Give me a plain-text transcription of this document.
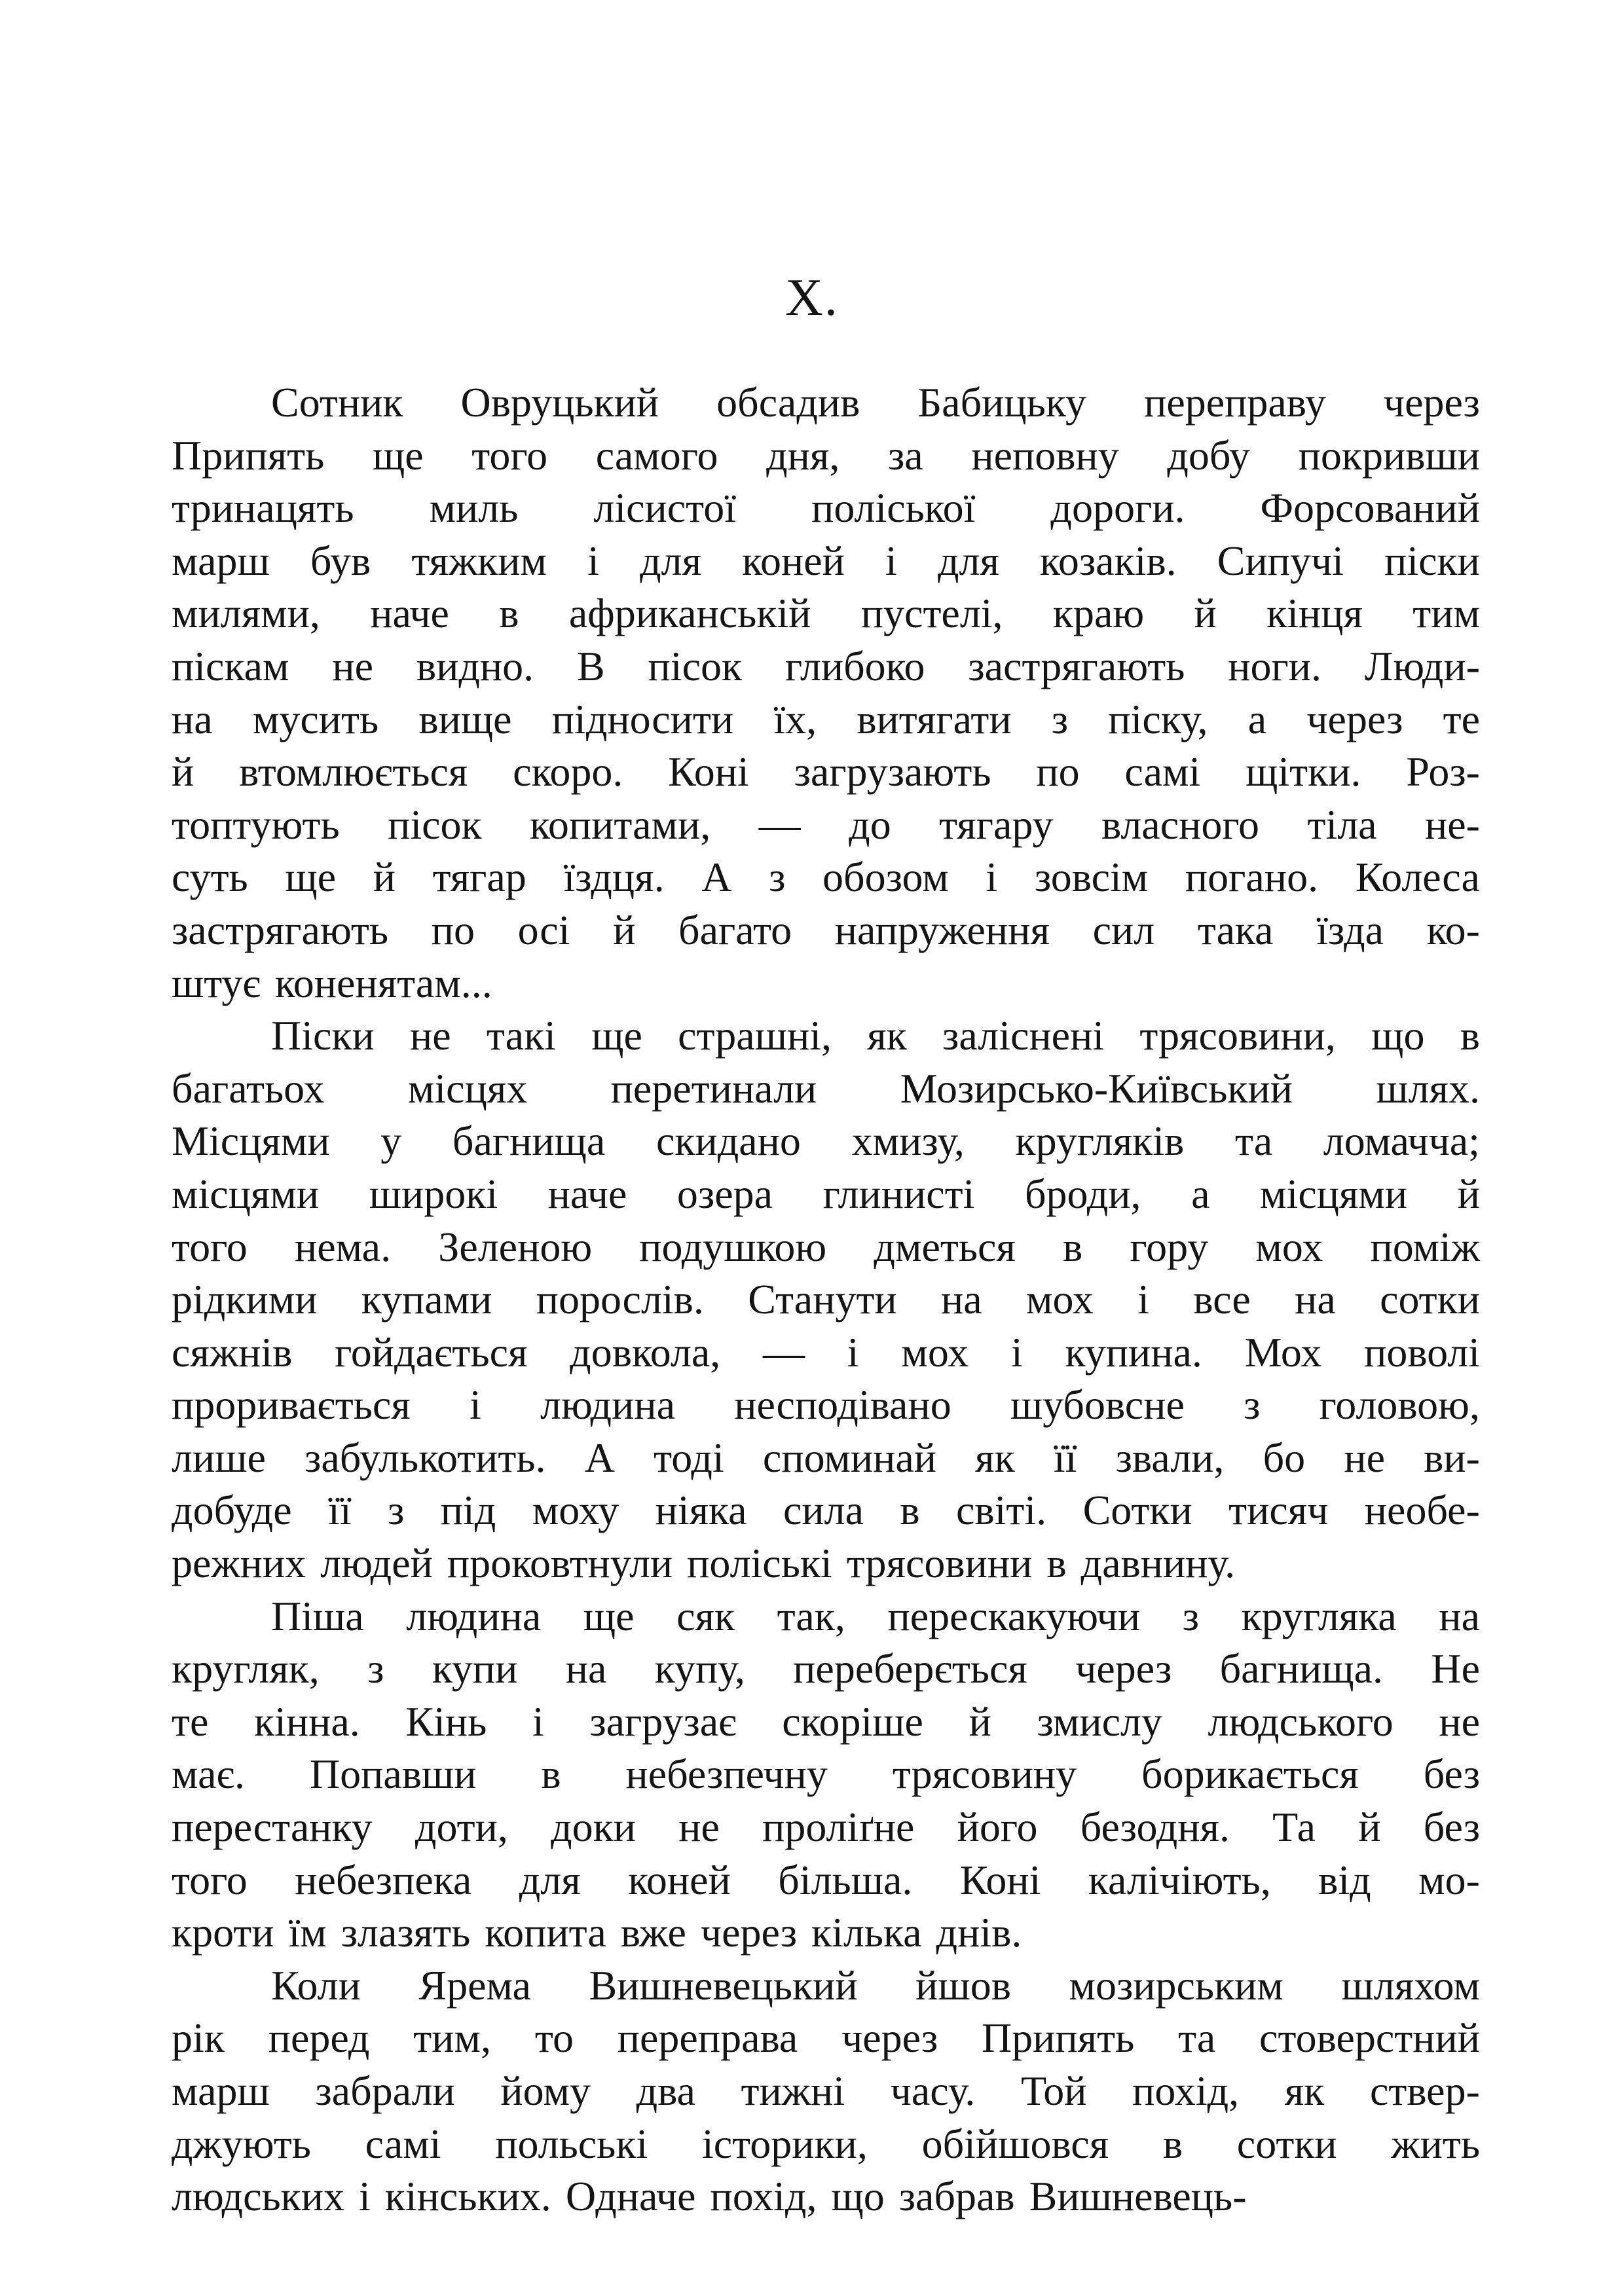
X.
Сотник Овруцький обсадив Бабицьку переправу через
Припять ще того самого дня, за неповну добу покривши
тринацять миль лісистої поліської дороги. Форсований
марш був тяжким і для коней і для козаків. Сипучі піски
милями, наче в африканській пустелі, краю й кінця тим
піскам не видно. В пісок глибоко застрягають ноги. Люди-
на мусить вище підносити їх, витягати з піску, а через те
й втомлюється скоро. Коні загрузають по самі щітки. Роз-
топтують пісок копитами, — до тягару власного тіла не-
суть ще й тягар їздця. А з обозом і зовсім погано. Колеса
застрягають по осі й багато напруження сил така їзда ко-
штує коненятам...
Піски не такі ще страшні, як заліснені трясовини, що в
багатьох місцях перетинали Мозирсько-Київський шлях.
Місцями у багнища скидано хмизу, кругляків та ломачча;
місцями широкі наче озера глинисті броди, а місцями й
того нема. Зеленою подушкою дметься в гору мох поміж
рідкими купами порослів. Станути на мох і все на сотки
сяжнів гойдається довкола, — і мох і купина. Мох поволі
проривається і людина несподівано шубовсне з головою,
лише забулькотить. А тоді споминай як її звали, бо не ви-
добуде її з під моху ніяка сила в світі. Сотки тисяч необе-
режних людей проковтнули поліські трясовини в давнину.
Піша людина ще сяк так, перескакуючи з кругляка на
кругляк, з купи на купу, переберється через багнища. Не
те кінна. Кінь і загрузає скоріше й змислу людського не
має. Попавши в небезпечну трясовину борикається без
перестанку доти, доки не проліґне його безодня. Та й без
того небезпека для коней більша. Коні калічіють, від мо-
кроти їм злазять копита вже через кілька днів.
Коли Ярема Вишневецький йшов мозирським шляхом
рік перед тим, то переправа через Припять та стоверстний
марш забрали йому два тижні часу. Той похід, як ствер-
джують самі польські історики, обійшовся в сотки жить
людських і кінських. Одначе похід, що забрав Вишневець-
